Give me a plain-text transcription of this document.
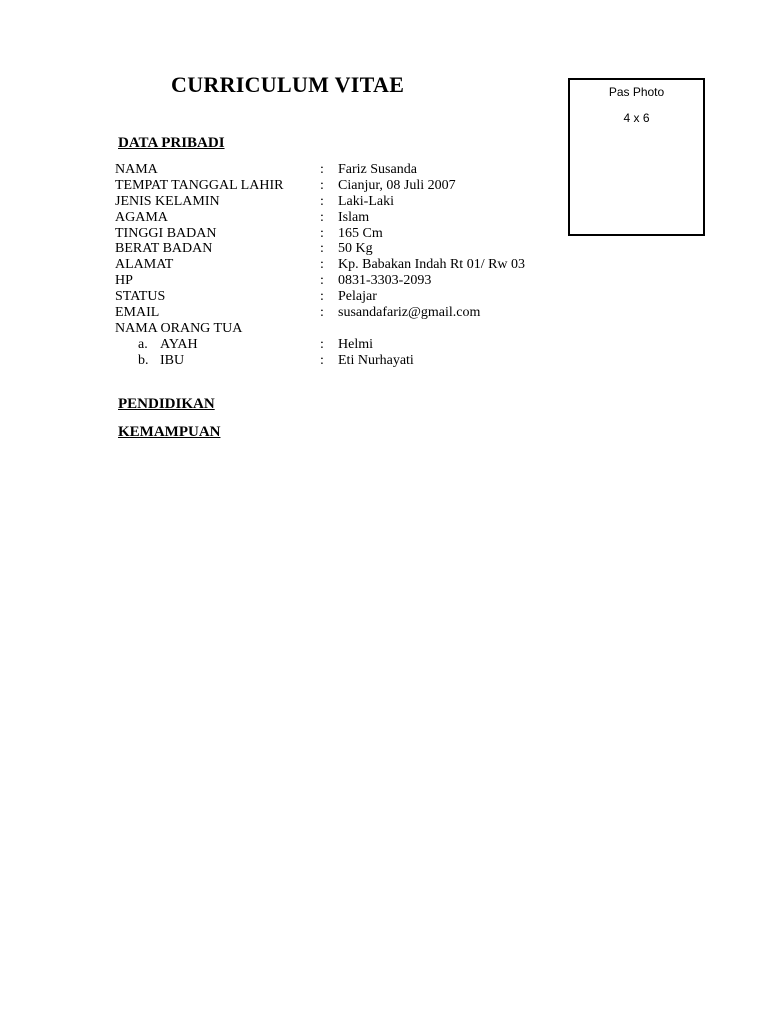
CURRICULUM VITAE	Pas Photo
4 x 6
DATA PRIBADI
NAMA	: Fariz Susanda
TEMPAT TANGGAL LAHIR	: Cianjur, 08 Juli 2007
JENIS KELAMIN	: Laki-Laki
AGAMA	: Islam
TINGGI BADAN	: 165 Cm
BERAT BADAN	: 50 Kg
ALAMAT	: Kp. Babakan Indah Rt 01/ Rw 03
HP	: 0831-3303-2093
STATUS	: Pelajar
EMAIL	: susandafariz@gmail.com
NAMA ORANG TUA
a. AYAH	: Helmi
b. IBU	: Eti Nurhayati
PENDIDIKAN
KEMAMPUAN
